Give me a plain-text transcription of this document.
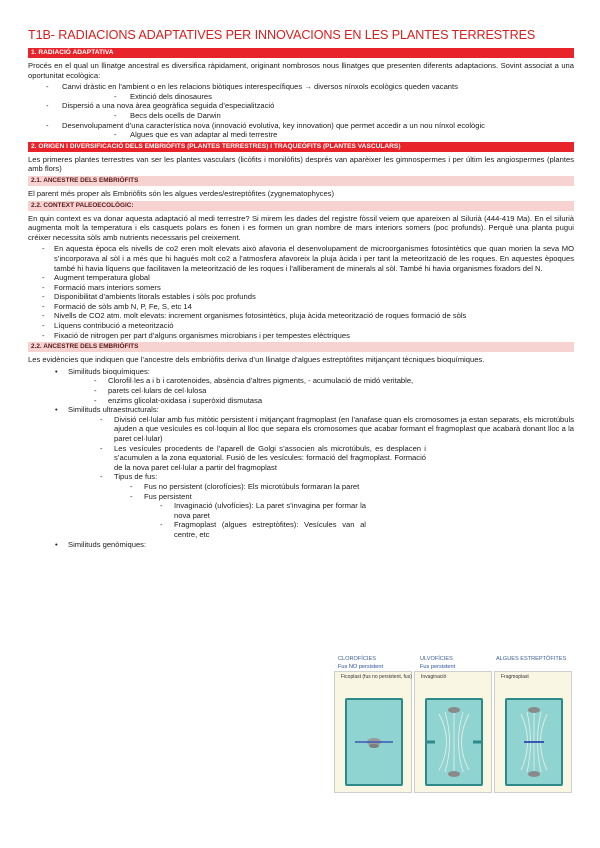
T1B- RADIACIONS ADAPTATIVES PER INNOVACIONS EN LES PLANTES TERRESTRES
1. RADIACIÓ ADAPTATIVA

Procés en el qual un llinatge ancestral es diversifica ràpidament, originant nombrosos nous llinatges que presenten diferents adaptacions. Sovint associat a una oportunitat ecològica:

- Canvi dràstic en l’ambient o en les relacions biòtiques interespecífiques → diversos nínxols ecològics queden vacants
- Extinció dels dinosaures
- Dispersió a una nova àrea geogràfica seguida d’especialització
- Becs dels ocells de Darwin
- Desenvolupament d’una característica nova (innovació evolutiva, key innovation) que permet accedir a un nou nínxol ecològic
- Algues que es van adaptar al medi terrestre
2. ORIGEN I DIVERSIFICACIÓ DELS EMBRIÒFITS (PLANTES TERRESTRES) I TRAQUEÒFITS (PLANTES VASCULARS)

Les primeres plantes terrestres van ser les plantes vasculars (licòfits i monilòfits) després van aparèixer les gimnospermes i per últim les angiospermes (plantes amb flors)

2.1. ANCESTRE DELS EMBRIÒFITS

El parent més proper als Embriòfits són les algues verdes/estreptòfites (zygnematophyces)

2.2. CONTEXT PALEOECOLÒGIC:

En quin context es va donar aquesta adaptació al medi terrestre? Si mirem les dades del registre fòssil veiem que apareixen al Silurià (444-419 Ma). En el silurià augmenta molt la temperatura i els casquets polars es fonen i es formen un gran nombre de mars interiors somers (poc profunds). Perquè una planta pugui créixer necessita sòls amb nutrients necessaris pel creixement.

- En aquesta època els nivells de co2 eren molt elevats això afavoria el desenvolupament de microorganismes fotosintètics que quan morien la seva MO s’incorporava al sòl i a més que hi hagués molt co2 a l’atmosfera afavoreix la pluja àcida i per tant la meteorització de les roques. En aquestes èpoques també hi havia líquens que facilitaven la meteorització de les roques i l’alliberament de minerals al sòl. També hi havia organismes fixadors del N.
- Augment temperatura global
- Formació mars interiors somers
- Disponibilitat d’ambients litorals estables i sòls poc profunds
- Formació de sòls amb N, P, Fe, S, etc 14
- Nivells de CO2 atm. molt elevats: increment organismes fotosintètics, pluja àcida meteorització de roques formació de sòls
- Líquens contribució a meteorització
- Fixació de nitrogen per part d’alguns organismes microbians i per tempestes elèctriques
2.2. ANCESTRE DELS EMBRIÒFITS

Les evidències que indiquen que l’ancestre dels embriòfits deriva d’un llinatge d’algues estreptòfites mitjançant tècniques bioquímiques.

• Similituds bioquímiques:
- Clorofil·les a i b i carotenoides, absència d’altres pigments, - acumulació de midó veritable,
- parets cel·lulars de cel·lulosa
- enzims glicolat-oxidasa i superòxid dismutasa
• Similituds ultraestructurals:
- Divisió cel·lular amb fus mitòtic persistent i mitjançant fragmoplast (en l’anafase quan els cromosomes ja estan separats, els microtúbuls ajuden a que vesícules es col·loquin al lloc que separa els cromosomes que acabar formant el fragmoplast que acabarà donant lloc a la paret cel·lular)
- Les vesícules procedents de l’aparell de Golgi s’associen als microtúbuls, es desplacen i s’acumulen a la zona equatorial. Fusió de les vesícules: formació del fragmoplast. Formació de la nova paret cel·lular a partir del fragmoplast
- Tipus de fus:
- Fus no persistent (clorofícies): Els microtúbuls formaran la paret
- Fus persistent
- Invaginació (ulvofícies): La paret s’invagina per formar la nova paret
- Fragmoplast (algues estreptòfites): Vesícules van al centre, etc
• Similituds genòmiques:
CLOROFÍCIES	ULVOFÍCIES	ALGUES ESTREPTÒFITES
Fus NO persistent	Fus persistent
Ficoplast (fus no persistent, fus) Invaginació	Fragmoplast
